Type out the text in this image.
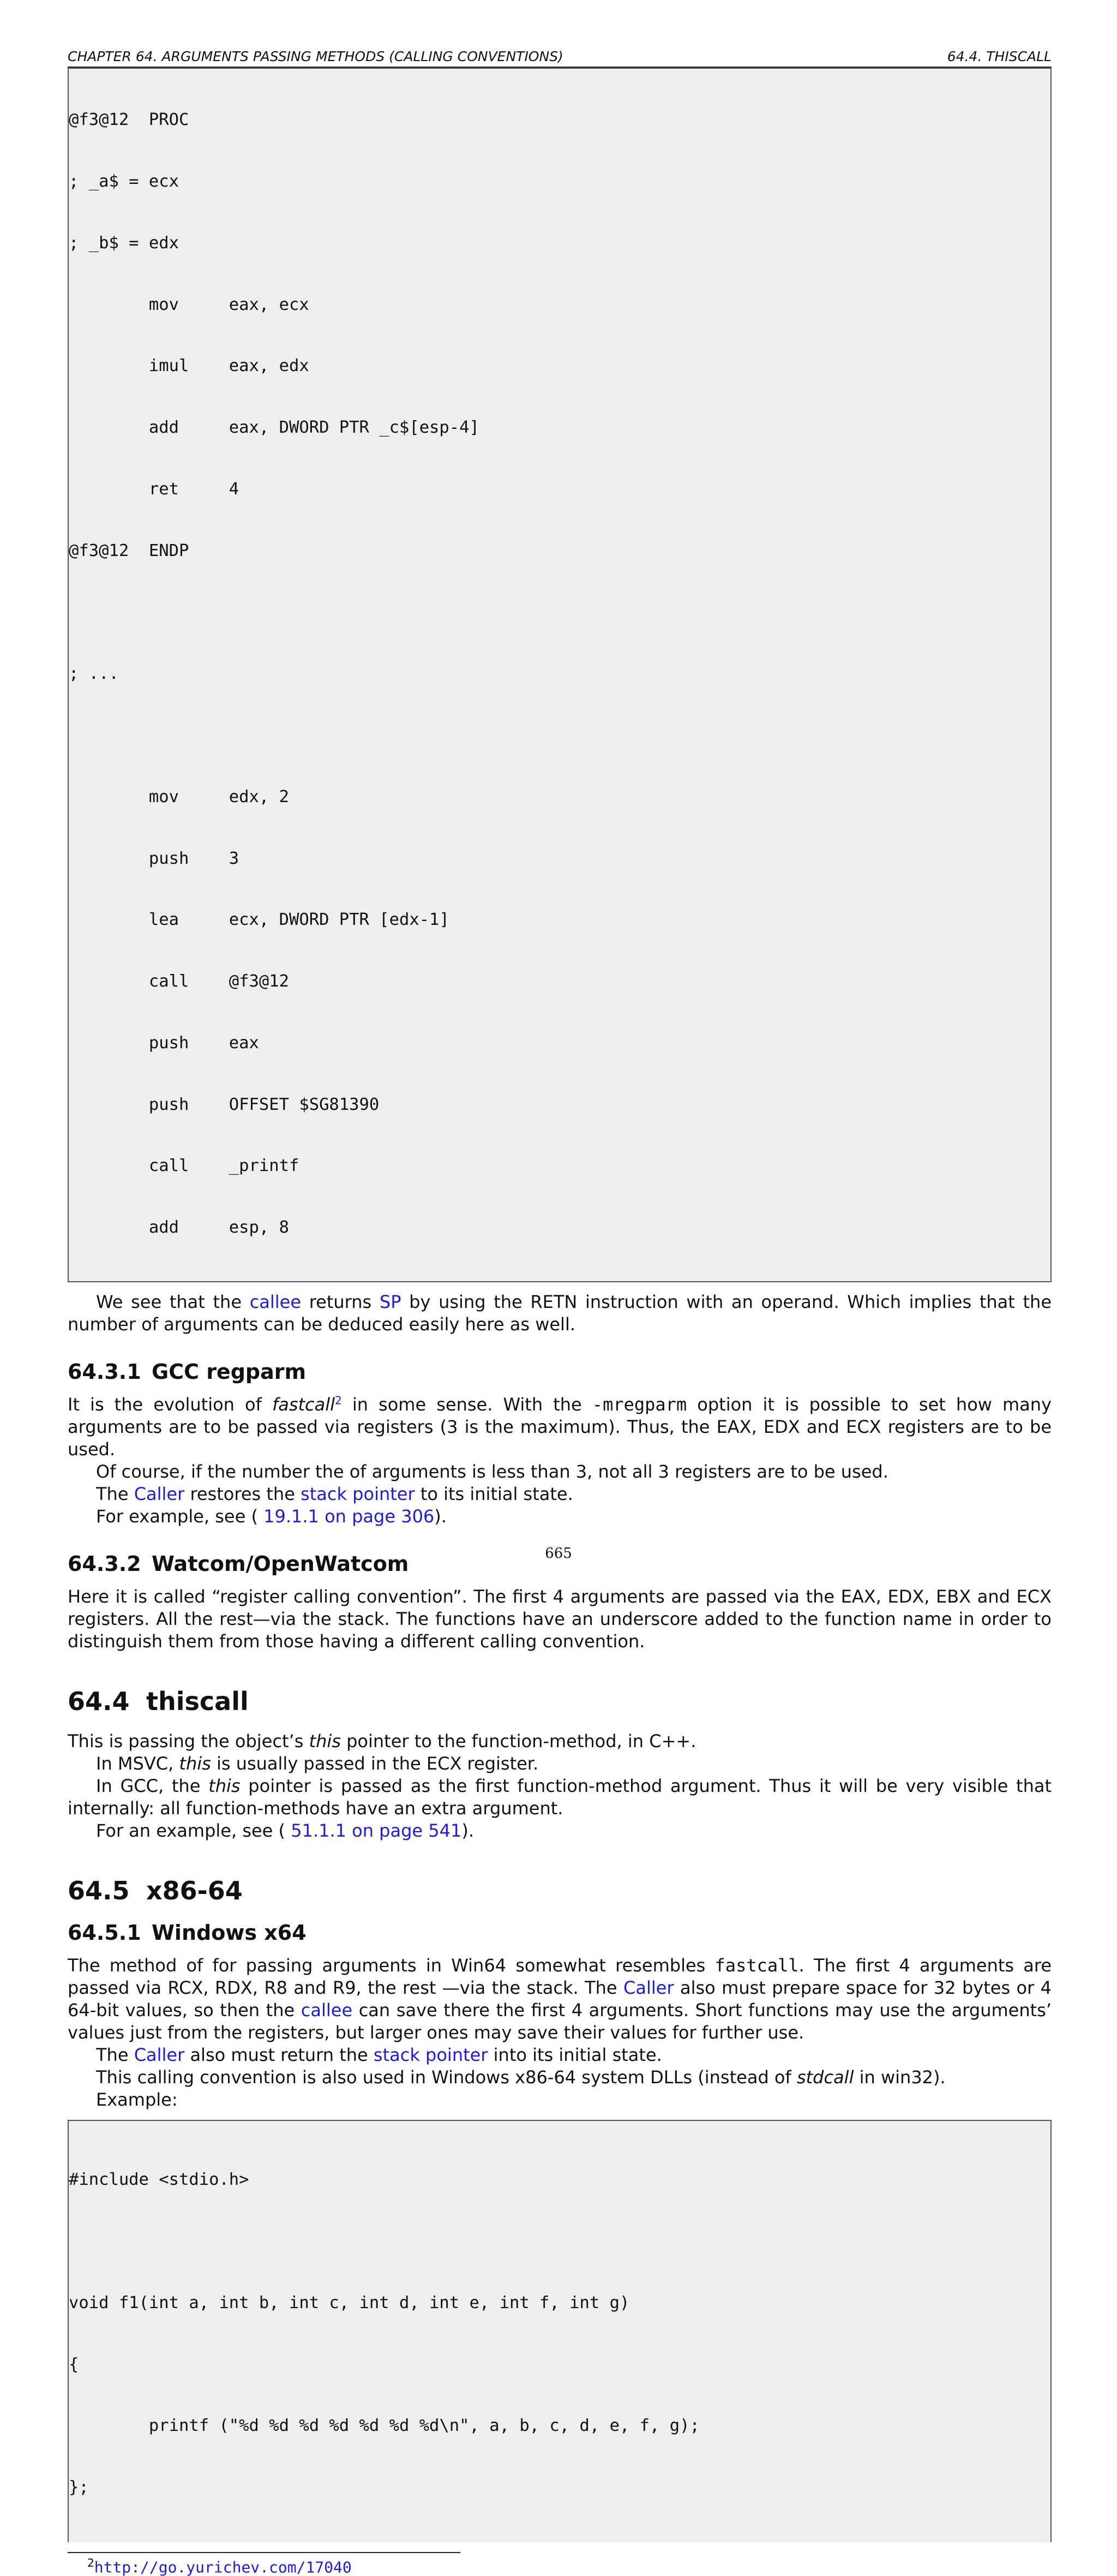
CHAPTER 64. ARGUMENTS PASSING METHODS (CALLING CONVENTIONS)	64.4. THISCALL

@f3@12  PROC

; _a$ = ecx

; _b$ = edx

mov     eax, ecx

imul    eax, edx

add     eax, DWORD PTR _c$[esp-4]

ret     4

@f3@12  ENDP

; ...

mov     edx, 2

push    3

lea     ecx, DWORD PTR [edx-1]

call    @f3@12

push    eax

push    OFFSET $SG81390

call    _printf

add     esp, 8

We see that the callee returns SP by using the RETN instruction with an operand. Which implies that the number of arguments can be deduced easily here as well.

64.3.1 GCC regparm

It is the evolution of fastcall$^2$ in some sense. With the -mregparm option it is possible to set how many arguments are to be passed via registers (3 is the maximum). Thus, the EAX, EDX and ECX registers are to be used.

Of course, if the number the of arguments is less than 3, not all 3 registers are to be used.

The Caller restores the stack pointer to its initial state.

For example, see ( 19.1.1 on page 306).

64.3.2 Watcom/OpenWatcom

Here it is called “register calling convention”. The first 4 arguments are passed via the EAX, EDX, EBX and ECX registers. All the rest—via the stack. The functions have an underscore added to the function name in order to distinguish them from those having a different calling convention.

64.4 thiscall

This is passing the object’s this pointer to the function-method, in C++.

In MSVC, this is usually passed in the ECX register.

In GCC, the this pointer is passed as the first function-method argument. Thus it will be very visible that internally: all function-methods have an extra argument.

For an example, see ( 51.1.1 on page 541).

64.5 x86-64
64.5.1 Windows x64

The method of for passing arguments in Win64 somewhat resembles fastcall. The first 4 arguments are passed via RCX, RDX, R8 and R9, the rest —via the stack. The Caller also must prepare space for 32 bytes or 4 64-bit values, so then the callee can save there the first 4 arguments. Short functions may use the arguments’ values just from the registers, but larger ones may save their values for further use.

The Caller also must return the stack pointer into its initial state.

This calling convention is also used in Windows x86-64 system DLLs (instead of stdcall in win32).

Example:

#include <stdio.h>

void f1(int a, int b, int c, int d, int e, int f, int g)

{

printf ("%d %d %d %d %d %d %d\n", a, b, c, d, e, f, g);

};

$^2$http://go.yurichev.com/17040
665
